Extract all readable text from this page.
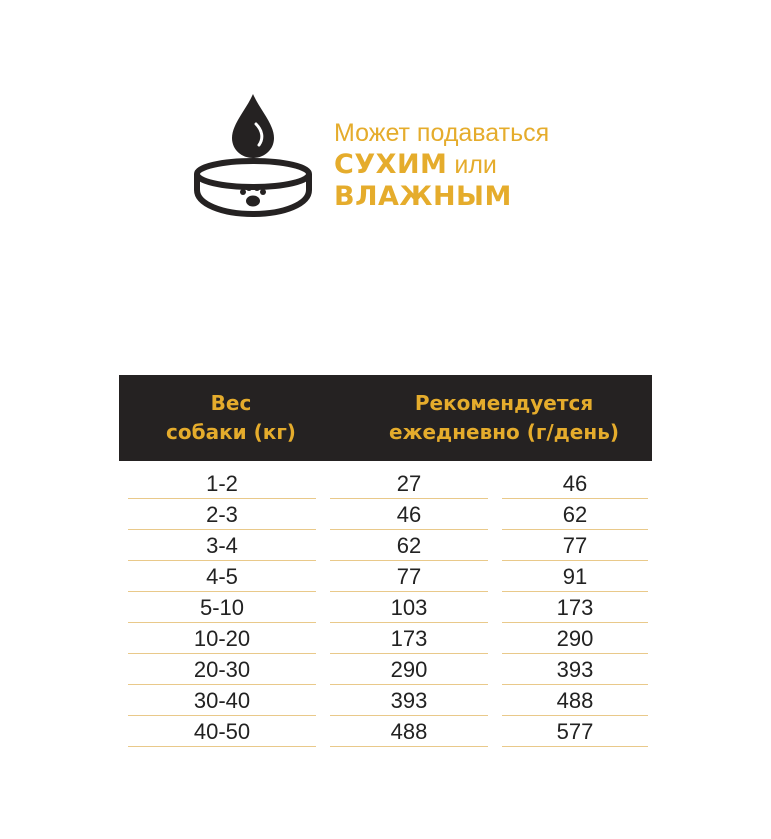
Может подаваться
СУХИМ или
ВЛАЖНЫМ
Вес
собаки (кг)
Рекомендуется
ежедневно (г/день)
1-2	27	46
2-3	46	62
3-4	62	77
4-5	77	91
5-10	103	173
10-20	173	290
20-30	290	393
30-40	393	488
40-50	488	577
